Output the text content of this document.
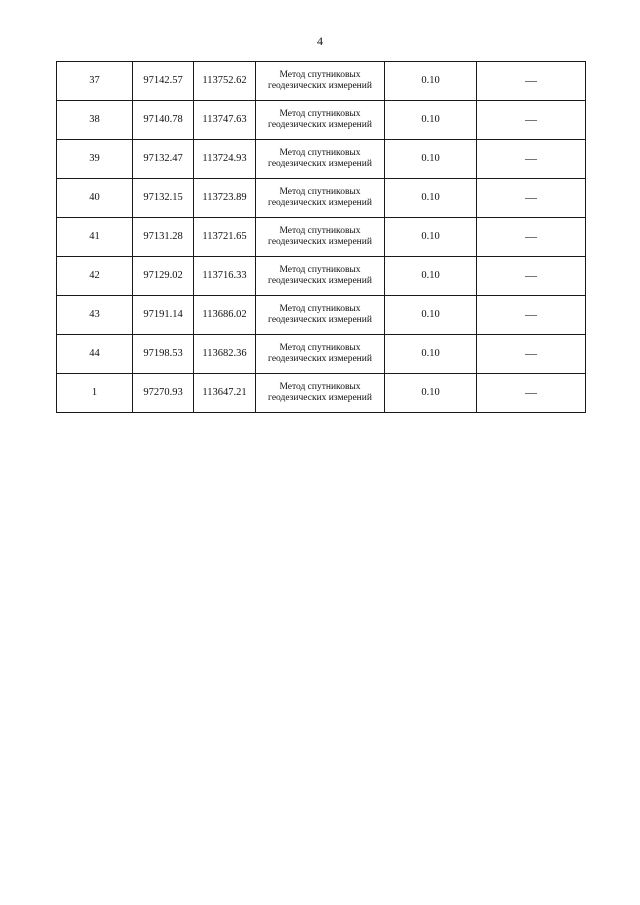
4
37	97142.57	113752.62	Метод спутниковых
геодезических измерений	0.10	—
38	97140.78	113747.63	Метод спутниковых
геодезических измерений	0.10	—
39	97132.47	113724.93	Метод спутниковых
геодезических измерений	0.10	—
40	97132.15	113723.89	Метод спутниковых
геодезических измерений	0.10	—
41	97131.28	113721.65	Метод спутниковых
геодезических измерений	0.10	—
42	97129.02	113716.33	Метод спутниковых
геодезических измерений	0.10	—
43	97191.14	113686.02	Метод спутниковых
геодезических измерений	0.10	—
44	97198.53	113682.36	Метод спутниковых
геодезических измерений	0.10	—
1	97270.93	113647.21	Метод спутниковых
геодезических измерений	0.10	—
